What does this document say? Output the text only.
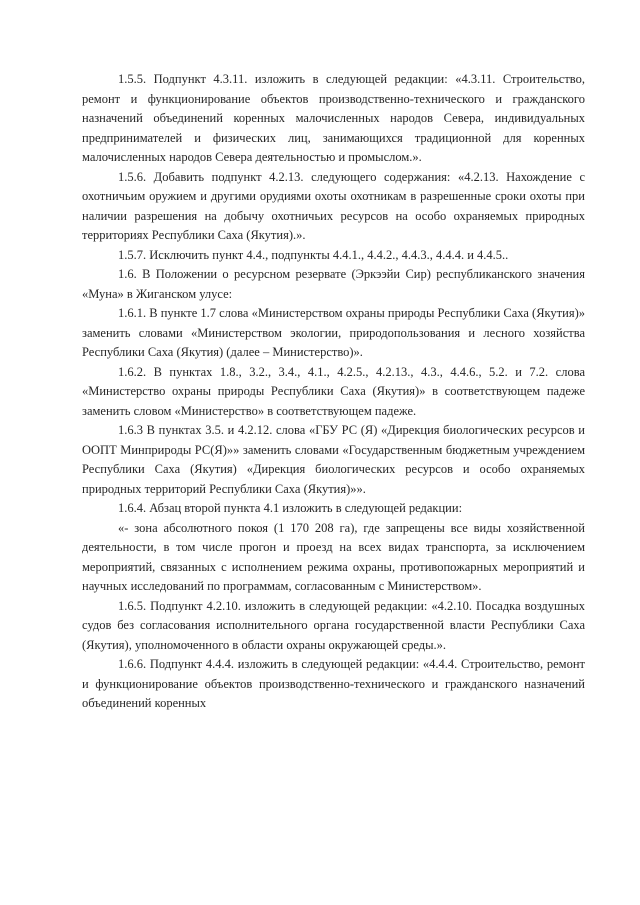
1.5.5. Подпункт 4.3.11. изложить в следующей редакции: «4.3.11. Строительство, ремонт и функционирование объектов производственно-технического и гражданского назначений объединений коренных малочисленных народов Севера, индивидуальных предпринимателей и физических лиц, занимающихся традиционной для коренных малочисленных народов Севера деятельностью и промыслом.».

1.5.6. Добавить подпункт 4.2.13. следующего содержания: «4.2.13. Нахождение с охотничьим оружием и другими орудиями охоты охотникам в разрешенные сроки охоты при наличии разрешения на добычу охотничьих ресурсов на особо охраняемых природных территориях Республики Саха (Якутия).».

1.5.7. Исключить пункт 4.4., подпункты 4.4.1., 4.4.2., 4.4.3., 4.4.4. и 4.4.5..

1.6. В Положении о ресурсном резервате (Эркээйи Сир) республиканского значения «Муна» в Жиганском улусе:

1.6.1. В пункте 1.7 слова «Министерством охраны природы Республики Саха (Якутия)» заменить словами «Министерством экологии, природопользования и лесного хозяйства Республики Саха (Якутия) (далее – Министерство)».

1.6.2. В пунктах 1.8., 3.2., 3.4., 4.1., 4.2.5., 4.2.13., 4.3., 4.4.6., 5.2. и 7.2. слова «Министерство охраны природы Республики Саха (Якутия)» в соответствующем падеже заменить словом «Министерство» в соответствующем падеже.

1.6.3 В пунктах 3.5. и 4.2.12. слова «ГБУ РС (Я) «Дирекция биологических ресурсов и ООПТ Минприроды РС(Я)»» заменить словами «Государственным бюджетным учреждением Республики Саха (Якутия) «Дирекция биологических ресурсов и особо охраняемых природных территорий Республики Саха (Якутия)»».

1.6.4. Абзац второй пункта 4.1 изложить в следующей редакции:

«- зона абсолютного покоя (1 170 208 га), где запрещены все виды хозяйственной деятельности, в том числе прогон и проезд на всех видах транспорта, за исключением мероприятий, связанных с исполнением режима охраны, противопожарных мероприятий и научных исследований по программам, согласованным с Министерством».

1.6.5. Подпункт 4.2.10. изложить в следующей редакции: «4.2.10. Посадка воздушных судов без согласования исполнительного органа государственной власти Республики Саха (Якутия), уполномоченного в области охраны окружающей среды.».

1.6.6. Подпункт 4.4.4. изложить в следующей редакции: «4.4.4. Строительство, ремонт и функционирование объектов производственно-технического и гражданского назначений объединений коренных
